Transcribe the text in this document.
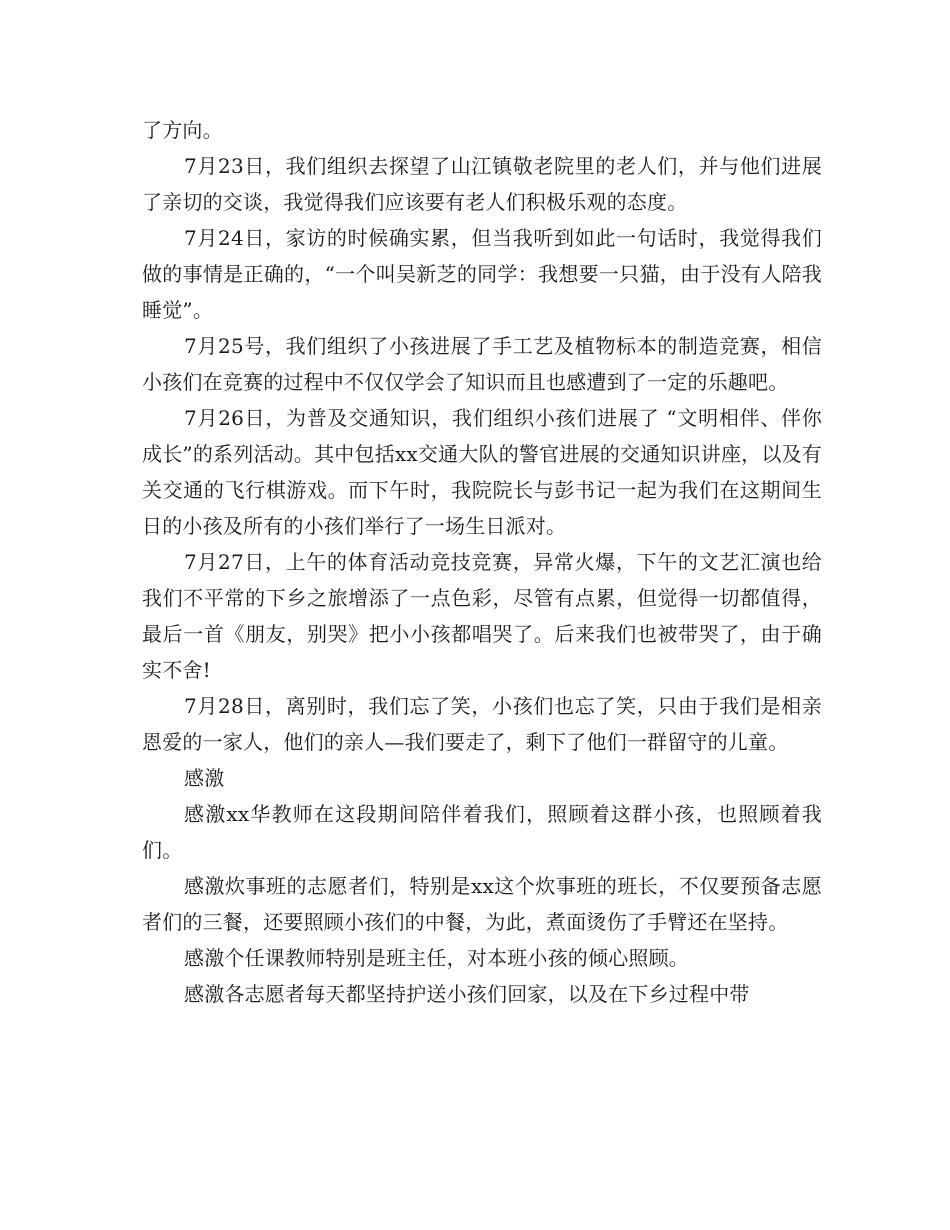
了方向。

7月23日，我们组织去探望了山江镇敬老院里的老人们，并与他们进展了亲切的交谈，我觉得我们应该要有老人们积极乐观的态度。

7月24日，家访的时候确实累，但当我听到如此一句话时，我觉得我们做的事情是正确的，“一个叫吴新芝的同学：我想要一只猫，由于没有人陪我睡觉”。

7月25号，我们组织了小孩进展了手工艺及植物标本的制造竞赛，相信小孩们在竞赛的过程中不仅仅学会了知识而且也感遭到了一定的乐趣吧。

7月26日，为普及交通知识，我们组织小孩们进展了 “文明相伴、伴你成长”的系列活动。其中包括xx交通大队的警官进展的交通知识讲座，以及有关交通的飞行棋游戏。而下午时，我院院长与彭书记一起为我们在这期间生日的小孩及所有的小孩们举行了一场生日派对。

7月27日，上午的体育活动竞技竞赛，异常火爆，下午的文艺汇演也给我们不平常的下乡之旅增添了一点色彩，尽管有点累，但觉得一切都值得，最后一首《朋友，别哭》把小小孩都唱哭了。后来我们也被带哭了，由于确实不舍!

7月28日，离别时，我们忘了笑，小孩们也忘了笑，只由于我们是相亲恩爱的一家人，他们的亲人—我们要走了，剩下了他们一群留守的儿童。

感激

感激xx华教师在这段期间陪伴着我们，照顾着这群小孩，也照顾着我们。

感激炊事班的志愿者们，特别是xx这个炊事班的班长，不仅要预备志愿者们的三餐，还要照顾小孩们的中餐，为此，煮面烫伤了手臂还在坚持。

感激个任课教师特别是班主任，对本班小孩的倾心照顾。

感激各志愿者每天都坚持护送小孩们回家，以及在下乡过程中带
